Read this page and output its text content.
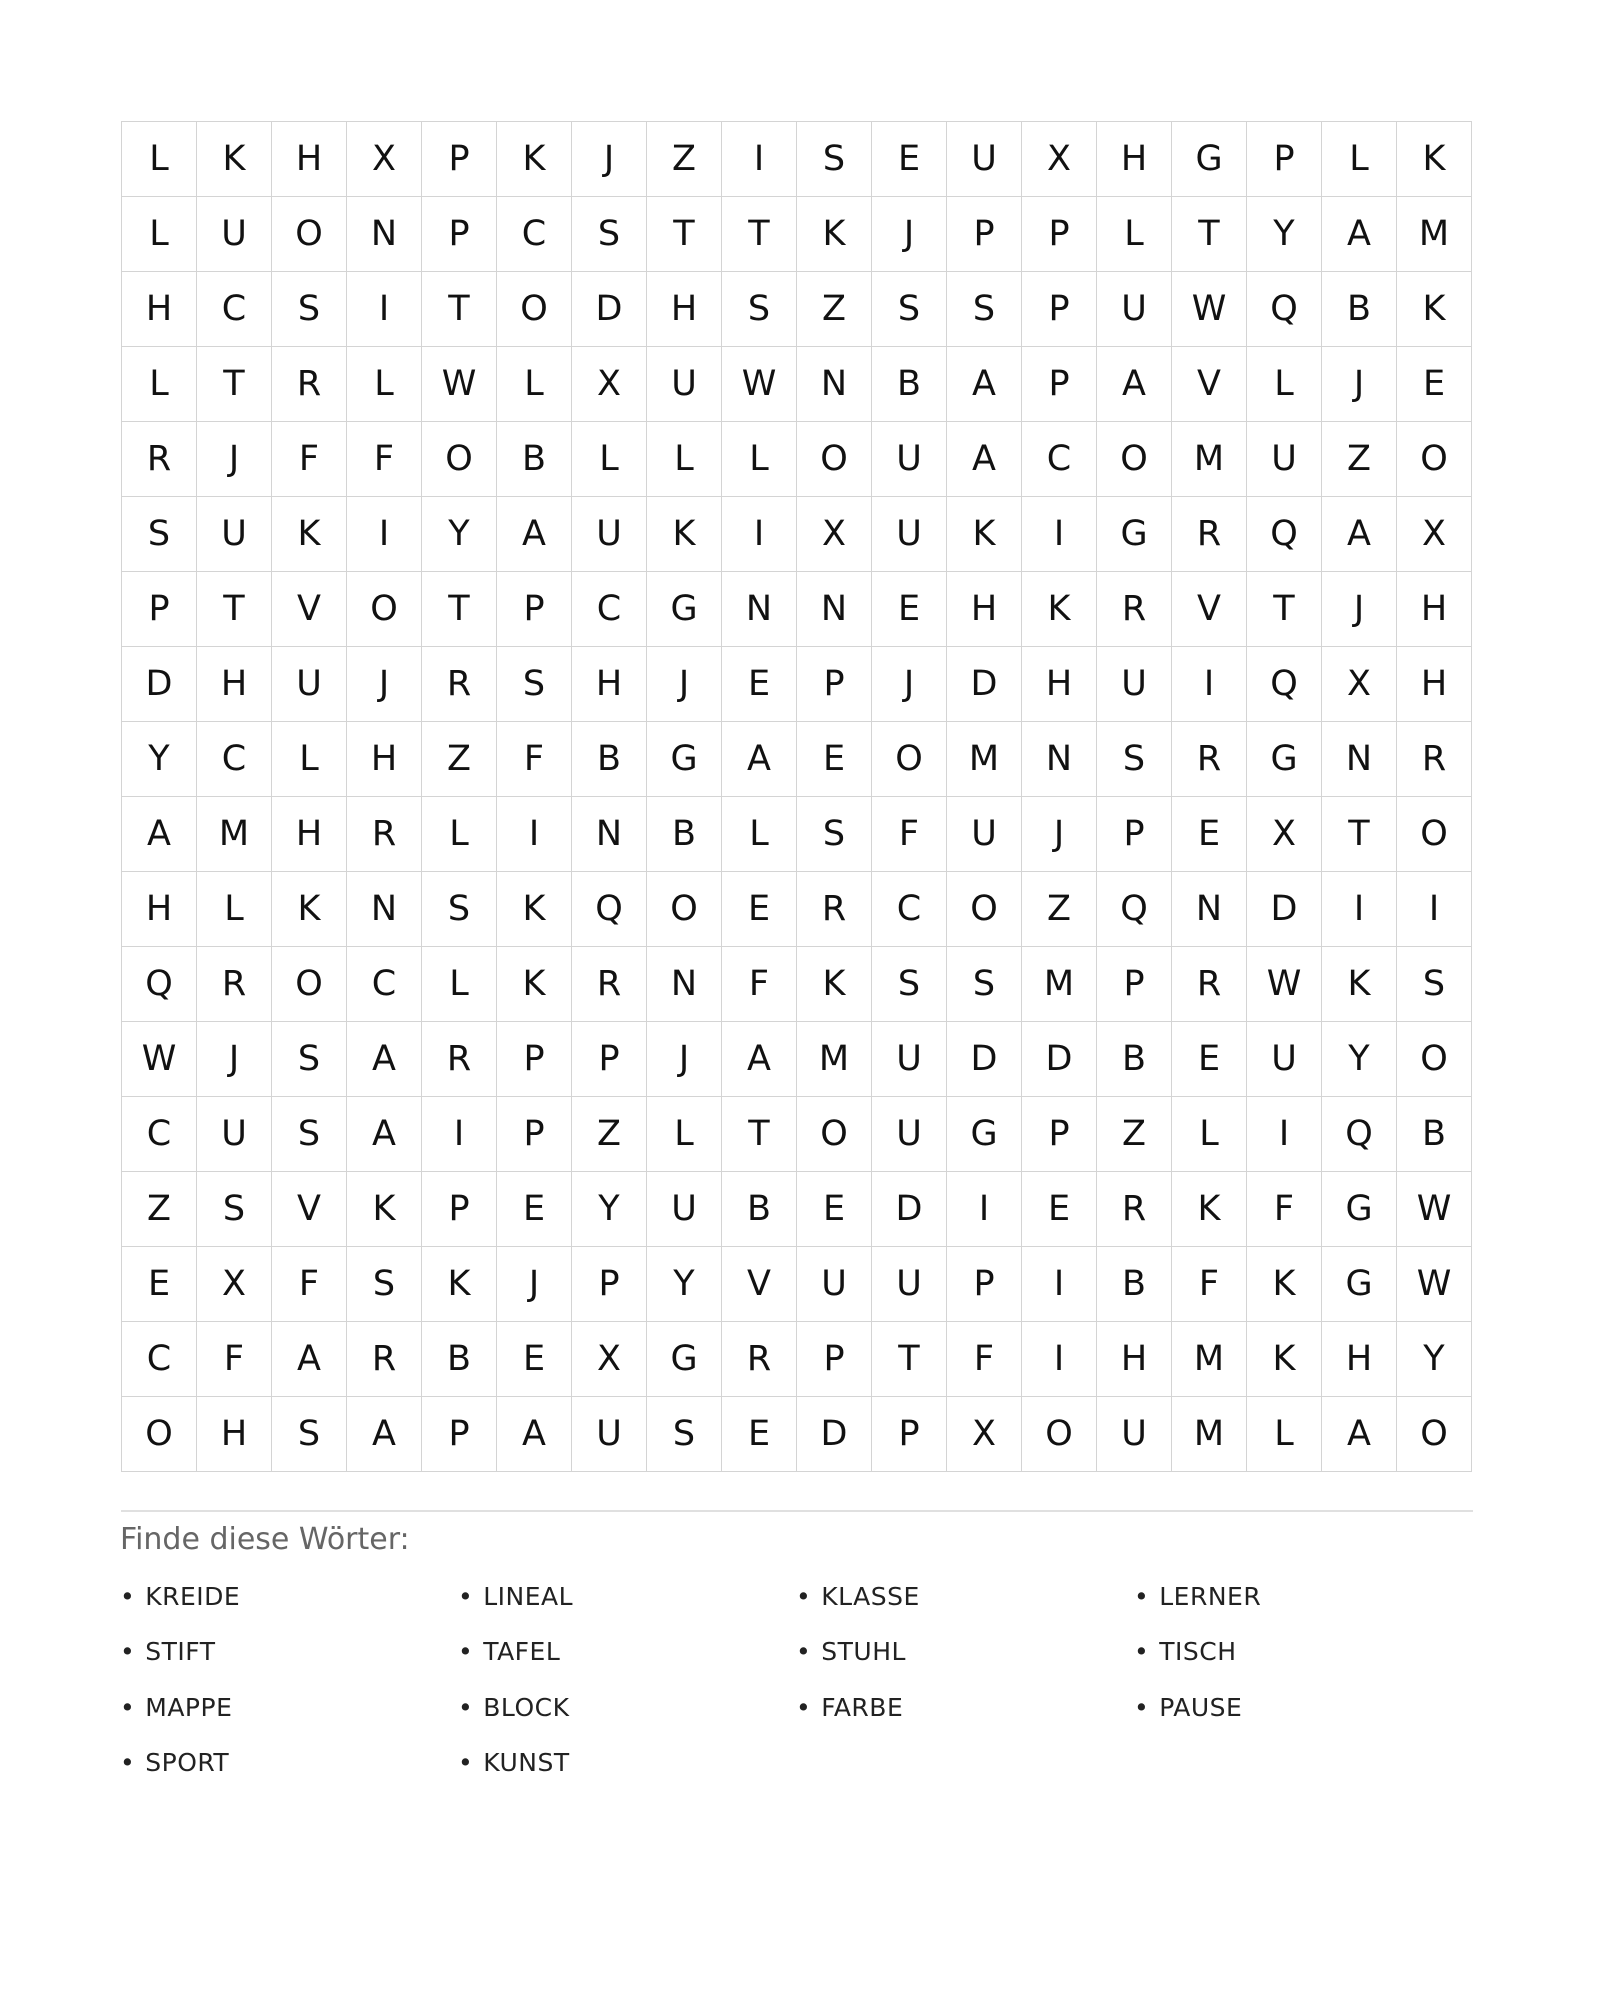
L	K	H	X	P	K	J	Z	I	S	E	U	X	H	G	P	L	K
L	U	O	N	P	C	S	T	T	K	J	P	P	L	T	Y	A	M
H	C	S	I	T	O	D	H	S	Z	S	S	P	U	W	Q	B	K
L	T	R	L	W	L	X	U	W	N	B	A	P	A	V	L	J	E
R	J	F	F	O	B	L	L	L	O	U	A	C	O	M	U	Z	O
S	U	K	I	Y	A	U	K	I	X	U	K	I	G	R	Q	A	X
P	T	V	O	T	P	C	G	N	N	E	H	K	R	V	T	J	H
D	H	U	J	R	S	H	J	E	P	J	D	H	U	I	Q	X	H
Y	C	L	H	Z	F	B	G	A	E	O	M	N	S	R	G	N	R
A	M	H	R	L	I	N	B	L	S	F	U	J	P	E	X	T	O
H	L	K	N	S	K	Q	O	E	R	C	O	Z	Q	N	D	I	I
Q	R	O	C	L	K	R	N	F	K	S	S	M	P	R	W	K	S
W	J	S	A	R	P	P	J	A	M	U	D	D	B	E	U	Y	O
C	U	S	A	I	P	Z	L	T	O	U	G	P	Z	L	I	Q	B
Z	S	V	K	P	E	Y	U	B	E	D	I	E	R	K	F	G	W
E	X	F	S	K	J	P	Y	V	U	U	P	I	B	F	K	G	W
C	F	A	R	B	E	X	G	R	P	T	F	I	H	M	K	H	Y
O	H	S	A	P	A	U	S	E	D	P	X	O	U	M	L	A	O
Finde diese Wörter:
• KREIDE	• LINEAL	• KLASSE	• LERNER
• STIFT	• TAFEL	• STUHL	• TISCH
• MAPPE	• BLOCK	• FARBE	• PAUSE
• SPORT	• KUNST
